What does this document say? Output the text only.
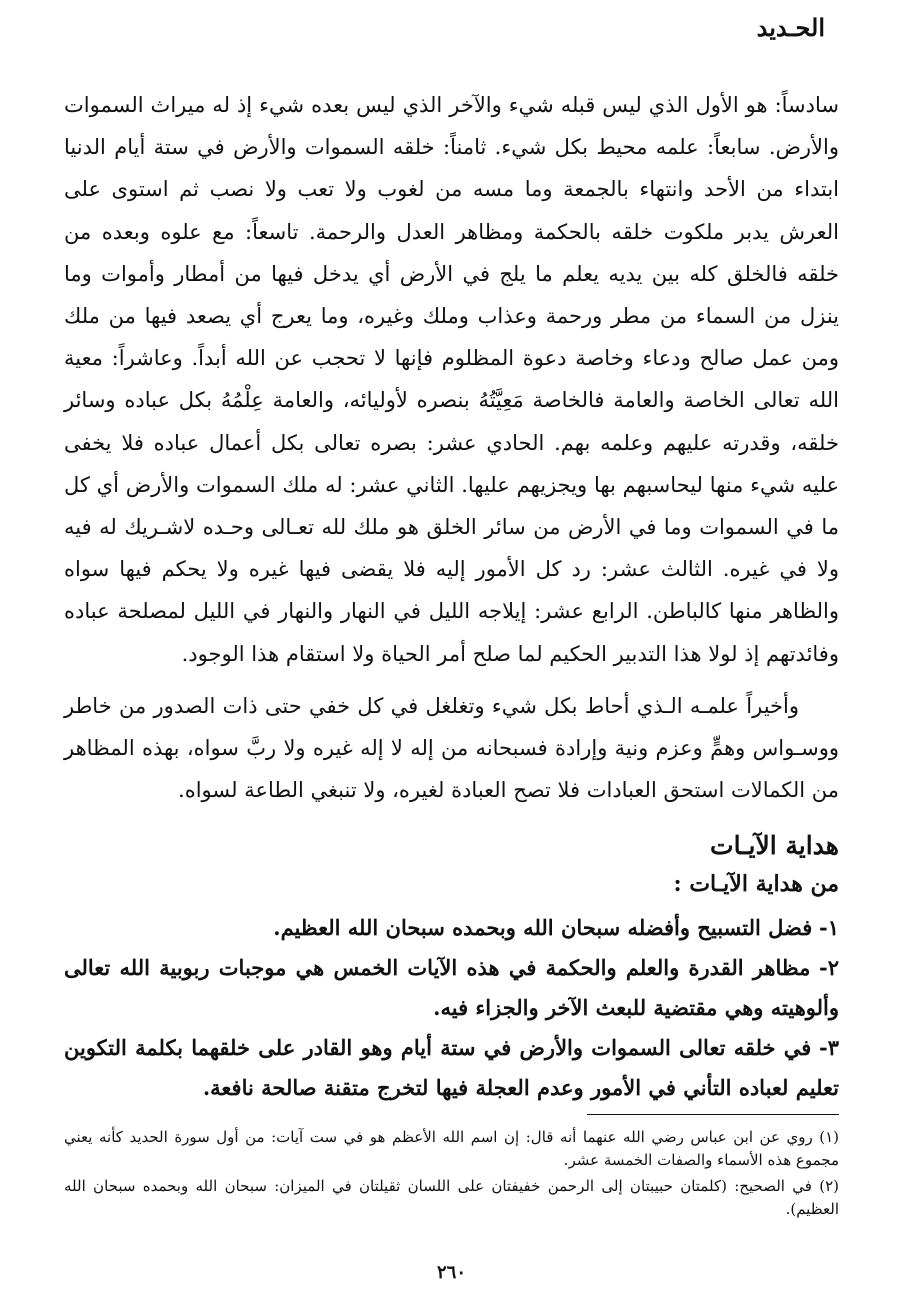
الحـديد

سادساً: هو الأول الذي ليس قبله شيء والآخر الذي ليس بعده شيء إذ له ميراث السموات والأرض. سابعاً: علمه محيط بكل شيء. ثامناً: خلقه السموات والأرض في ستة أيام الدنيا ابتداء من الأحد وانتهاء بالجمعة وما مسه من لغوب ولا تعب ولا نصب ثم استوى على العرش يدبر ملكوت خلقه بالحكمة ومظاهر العدل والرحمة. تاسعاً: مع علوه وبعده من خلقه فالخلق كله بين يديه يعلم ما يلج في الأرض أي يدخل فيها من أمطار وأموات وما ينزل من السماء من مطر ورحمة وعذاب وملك وغيره، وما يعرج أي يصعد فيها من ملك ومن عمل صالح ودعاء وخاصة دعوة المظلوم فإنها لا تحجب عن الله أبداً. وعاشراً: معية الله تعالى الخاصة والعامة فالخاصة مَعِيَّتُهُ بنصره لأوليائه، والعامة عِلْمُهُ بكل عباده وسائر خلقه، وقدرته عليهم وعلمه بهم. الحادي عشر: بصره تعالى بكل أعمال عباده فلا يخفى عليه شيء منها ليحاسبهم بها ويجزيهم عليها. الثاني عشر: له ملك السموات والأرض أي كل ما في السموات وما في الأرض من سائر الخلق هو ملك لله تعـالى وحـده لاشـريك له فيه ولا في غيره. الثالث عشر: رد كل الأمور إليه فلا يقضى فيها غيره ولا يحكم فيها سواه والظاهر منها كالباطن. الرابع عشر: إيلاجه الليل في النهار والنهار في الليل لمصلحة عباده وفائدتهم إذ لولا هذا التدبير الحكيم لما صلح أمر الحياة ولا استقام هذا الوجود.

وأخيراً علمـه الـذي أحاط بكل شيء وتغلغل في كل خفي حتى ذات الصدور من خاطر ووسـواس وهمٍّ وعزم ونية وإرادة فسبحانه من إله لا إله غيره ولا ربَّ سواه، بهذه المظاهر من الكمالات استحق العبادات فلا تصح العبادة لغيره، ولا تنبغي الطاعة لسواه.

هداية الآيـات
من هداية الآيـات :
١- فضل التسبيح وأفضله سبحان الله وبحمده سبحان الله العظيم.
٢- مظاهر القدرة والعلم والحكمة في هذه الآيات الخمس هي موجبات ربوبية الله تعالى وألوهيته وهي مقتضية للبعث الآخر والجزاء فيه.
٣- في خلقه تعالى السموات والأرض في ستة أيام وهو القادر على خلقهما بكلمة التكوين تعليم لعباده التأني في الأمور وعدم العجلة فيها لتخرج متقنة صالحة نافعة.

(١) روي عن ابن عباس رضي الله عنهما أنه قال: إن اسم الله الأعظم هو في ست آيات: من أول سورة الحديد كأنه يعني مجموع هذه الأسماء والصفات الخمسة عشر.

(٢) في الصحيح: (كلمتان حبيبتان إلى الرحمن خفيفتان على اللسان ثقيلتان في الميزان: سبحان الله وبحمده سبحان الله العظيم).

٢٦٠
